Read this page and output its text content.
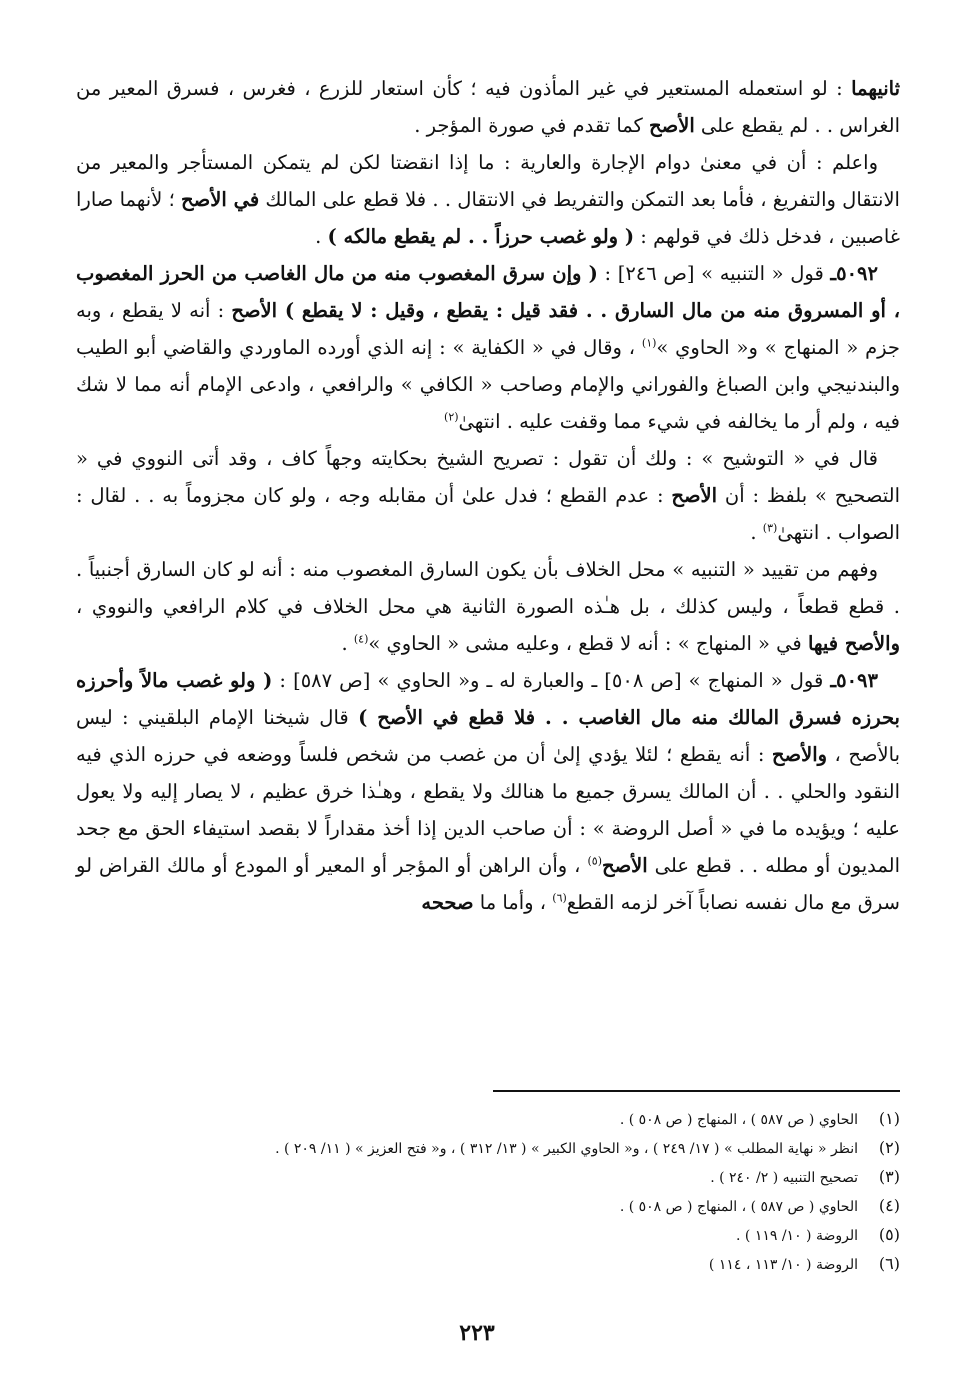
ثانيهما : لو استعمله المستعير في غير المأذون فيه ؛ كأن استعار للزرع ، فغرس ، فسرق المعير من الغراس . . لم يقطع على الأصح كما تقدم في صورة المؤجر .

واعلم : أن في معنىٰ دوام الإجارة والعارية : ما إذا انقضتا لكن لم يتمكن المستأجر والمعير من الانتقال والتفريغ ، فأما بعد التمكن والتفريط في الانتقال . . فلا قطع على المالك في الأصح ؛ لأنهما صارا غاصبين ، فدخل ذلك في قولهم : ( ولو غصب حرزاً . . لم يقطع مالكه ) .

٥٠٩٢ـ قول « التنبيه » [ص ٢٤٦] : ( وإن سرق المغصوب منه من مال الغاصب من الحرز المغصوب ، أو المسروق منه من مال السارق . . فقد قيل : يقطع ، وقيل : لا يقطع ) الأصح : أنه لا يقطع ، وبه جزم « المنهاج » و« الحاوي »$^{(١)}$ ، وقال في « الكفاية » : إنه الذي أورده الماوردي والقاضي أبو الطيب والبندنيجي وابن الصباغ والفوراني والإمام وصاحب « الكافي » والرافعي ، وادعى الإمام أنه مما لا شك فيه ، ولم أر ما يخالفه في شيء مما وقفت عليه . انتهىٰ$^{(٢)}$

قال في « التوشيح » : ولك أن تقول : تصريح الشيخ بحكايته وجهاً كاف ، وقد أتى النووي في « التصحيح » بلفظ : أن الأصح : عدم القطع ؛ فدل علىٰ أن مقابله وجه ، ولو كان مجزوماً به . . لقال : الصواب . انتهىٰ$^{(٣)}$ .

وفهم من تقييد « التنبيه » محل الخلاف بأن يكون السارق المغصوب منه : أنه لو كان السارق أجنبياً . . قطع قطعاً ، وليس كذلك ، بل هـٰذه الصورة الثانية هي محل الخلاف في كلام الرافعي والنووي ، والأصح فيها في « المنهاج » : أنه لا قطع ، وعليه مشى « الحاوي »$^{(٤)}$ .

٥٠٩٣ـ قول « المنهاج » [ص ٥٠٨] ـ والعبارة له ـ و« الحاوي » [ص ٥٨٧] : ( ولو غصب مالاً وأحرزه بحرزه فسرق المالك منه مال الغاصب . . فلا قطع في الأصح ) قال شيخنا الإمام البلقيني : ليس بالأصح ، والأصح : أنه يقطع ؛ لئلا يؤدي إلىٰ أن من غصب من شخص فلساً ووضعه في حرزه الذي فيه النقود والحلي . . أن المالك يسرق جميع ما هنالك ولا يقطع ، وهـٰذا خرق عظيم ، لا يصار إليه ولا يعول عليه ؛ ويؤيده ما في « أصل الروضة » : أن صاحب الدين إذا أخذ مقداراً لا بقصد استيفاء الحق مع جحد المديون أو مطله . . قطع على الأصح$^{(٥)}$ ، وأن الراهن أو المؤجر أو المعير أو المودع أو مالك القراض لو سرق مع مال نفسه نصاباً آخر لزمه القطع$^{(٦)}$ ، وأما ما صححه

(١)الحاوي ( ص ٥٨٧ ) ، المنهاج ( ص ٥٠٨ ) .
(٢)انظر « نهاية المطلب » ( ١٧/ ٢٤٩ ) ، و« الحاوي الكبير » ( ١٣/ ٣١٢ ) ، و« فتح العزيز » ( ١١/ ٢٠٩ ) .
(٣)تصحيح التنبيه ( ٢/ ٢٤٠ ) .
(٤)الحاوي ( ص ٥٨٧ ) ، المنهاج ( ص ٥٠٨ ) .
(٥)الروضة ( ١٠/ ١١٩ ) .
(٦)الروضة ( ١٠/ ١١٣ ، ١١٤ )
٢٢٣
